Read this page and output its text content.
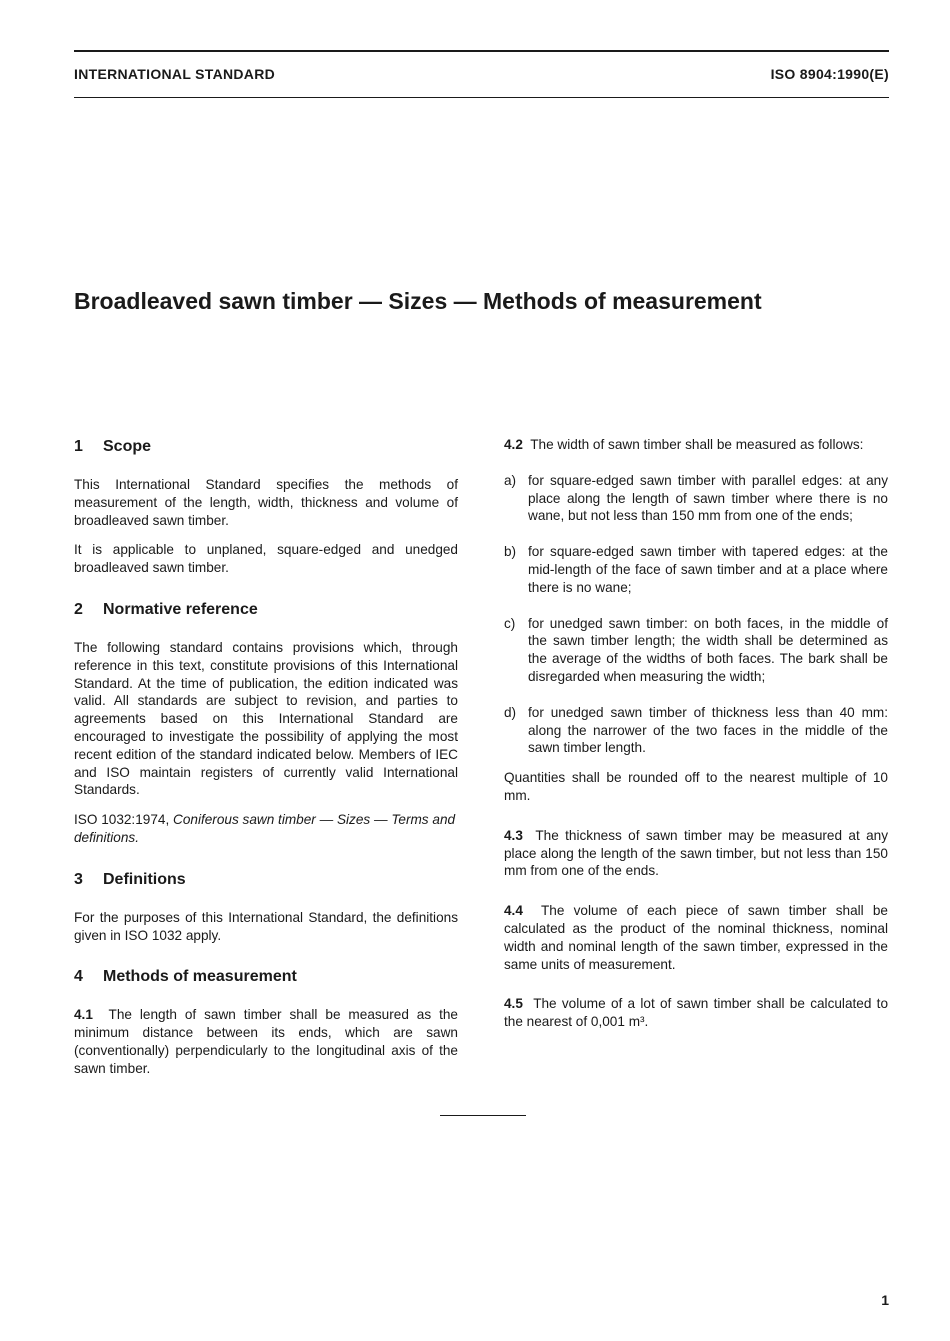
INTERNATIONAL STANDARD	ISO 8904:1990(E)
Broadleaved sawn timber — Sizes — Methods of measurement
1 Scope

This International Standard specifies the methods of measurement of the length, width, thickness and volume of broadleaved sawn timber.

It is applicable to unplaned, square-edged and unedged broadleaved sawn timber.

2 Normative reference

The following standard contains provisions which, through reference in this text, constitute provisions of this International Standard. At the time of publication, the edition indicated was valid. All standards are subject to revision, and parties to agreements based on this International Standard are encouraged to investigate the possibility of applying the most recent edition of the standard indicated below. Members of IEC and ISO maintain registers of currently valid International Standards.

ISO 1032:1974, Coniferous sawn timber — Sizes — Terms and definitions.

3 Definitions

For the purposes of this International Standard, the definitions given in ISO 1032 apply.

4 Methods of measurement

4.1 The length of sawn timber shall be measured as the minimum distance between its ends, which are sawn (conventionally) perpendicularly to the longitudinal axis of the sawn timber.

4.2 The width of sawn timber shall be measured as follows:

a) for square-edged sawn timber with parallel edges: at any place along the length of sawn timber where there is no wane, but not less than 150 mm from one of the ends;
b) for square-edged sawn timber with tapered edges: at the mid-length of the face of sawn timber and at a place where there is no wane;
c) for unedged sawn timber: on both faces, in the middle of the sawn timber length; the width shall be determined as the average of the widths of both faces. The bark shall be disregarded when measuring the width;
d) for unedged sawn timber of thickness less than 40 mm: along the narrower of the two faces in the middle of the sawn timber length.

Quantities shall be rounded off to the nearest multiple of 10 mm.

4.3 The thickness of sawn timber may be measured at any place along the length of the sawn timber, but not less than 150 mm from one of the ends.

4.4 The volume of each piece of sawn timber shall be calculated as the product of the nominal thickness, nominal width and nominal length of the sawn timber, expressed in the same units of measurement.

4.5 The volume of a lot of sawn timber shall be calculated to the nearest of 0,001 m³.

1
